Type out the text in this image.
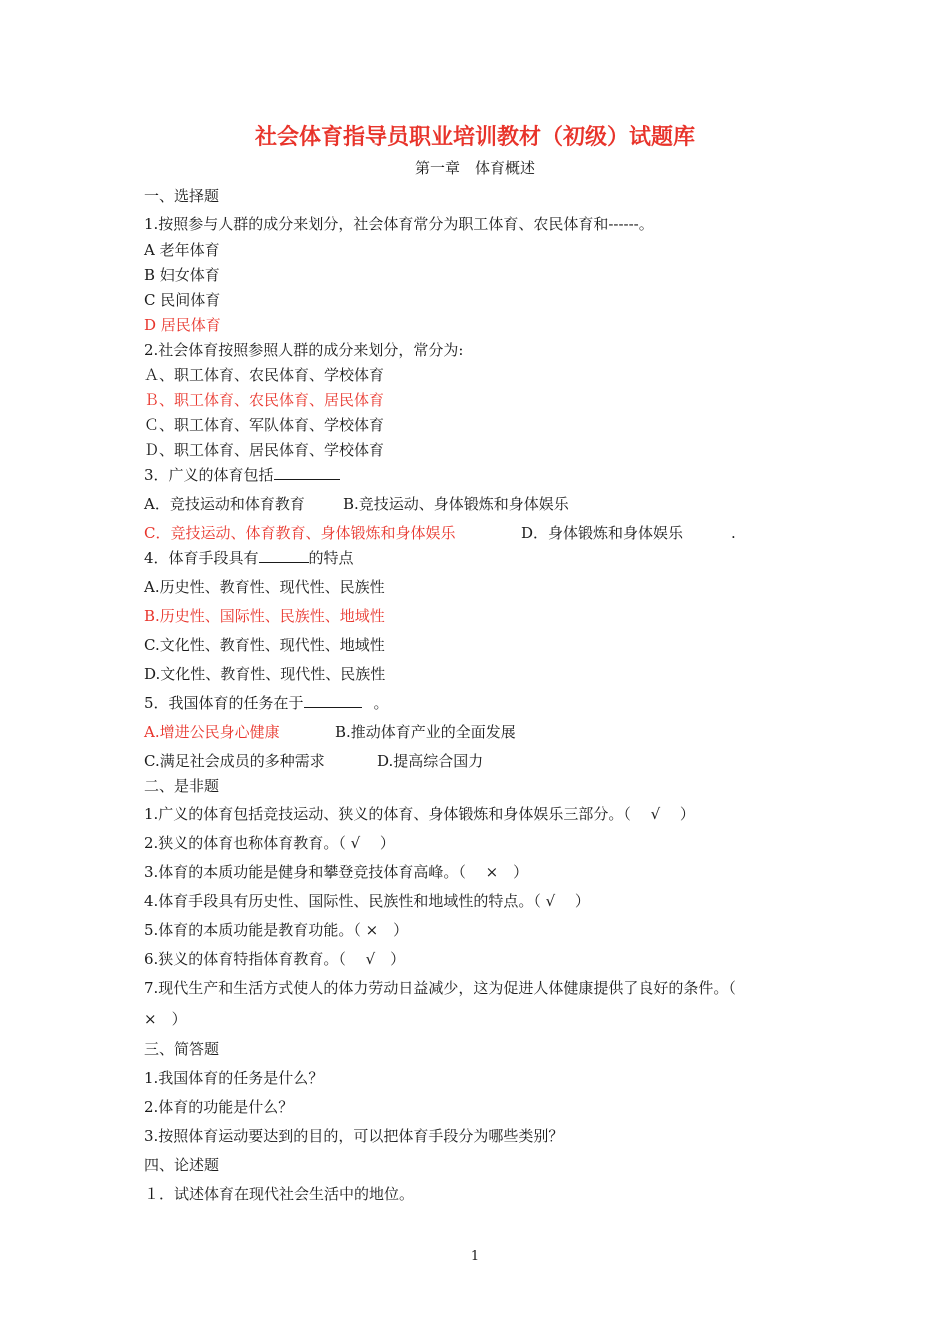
社会体育指导员职业培训教材（初级）试题库
第一章　体育概述
一、选择题
1.按照参与人群的成分来划分，社会体育常分为职工体育、农民体育和------。
A 老年体育
B 妇女体育
C 民间体育
D 居民体育
2.社会体育按照参照人群的成分来划分，常分为:
Ａ、职工体育、农民体育、学校体育
Ｂ、职工体育、农民体育、居民体育
Ｃ、职工体育、军队体育、学校体育
Ｄ、职工体育、居民体育、学校体育
3．广义的体育包括
A．竞技运动和体育教育	B.竞技运动、身体锻炼和身体娱乐
C．竞技运动、体育教育、身体锻炼和身体娱乐	D．身体锻炼和身体娱乐	.
4．体育手段具有	的特点
A.历史性、教育性、现代性、民族性
B.历史性、国际性、民族性、地域性
C.文化性、教育性、现代性、地域性
D.文化性、教育性、现代性、民族性
5．我国体育的任务在于	。
A.增进公民身心健康	B.推动体育产业的全面发展
C.满足社会成员的多种需求	D.提高综合国力
二、是非题
1.广义的体育包括竞技运动、狭义的体育、身体锻炼和身体娱乐三部分。（　 √　 ）
2.狭义的体育也称体育教育。（ √　 ）
3.体育的本质功能是健身和攀登竞技体育高峰。（　 ×　）
4.体育手段具有历史性、国际性、民族性和地域性的特点。（ √　 ）
5.体育的本质功能是教育功能。（ ×　）
6.狭义的体育特指体育教育。（　 √　）
7.现代生产和生活方式使人的体力劳动日益减少，这为促进人体健康提供了良好的条件。（
×　）
三、简答题
1.我国体育的任务是什么？
2.体育的功能是什么？
3.按照体育运动要达到的目的，可以把体育手段分为哪些类别？
四、论述题
１．试述体育在现代社会生活中的地位。
1
